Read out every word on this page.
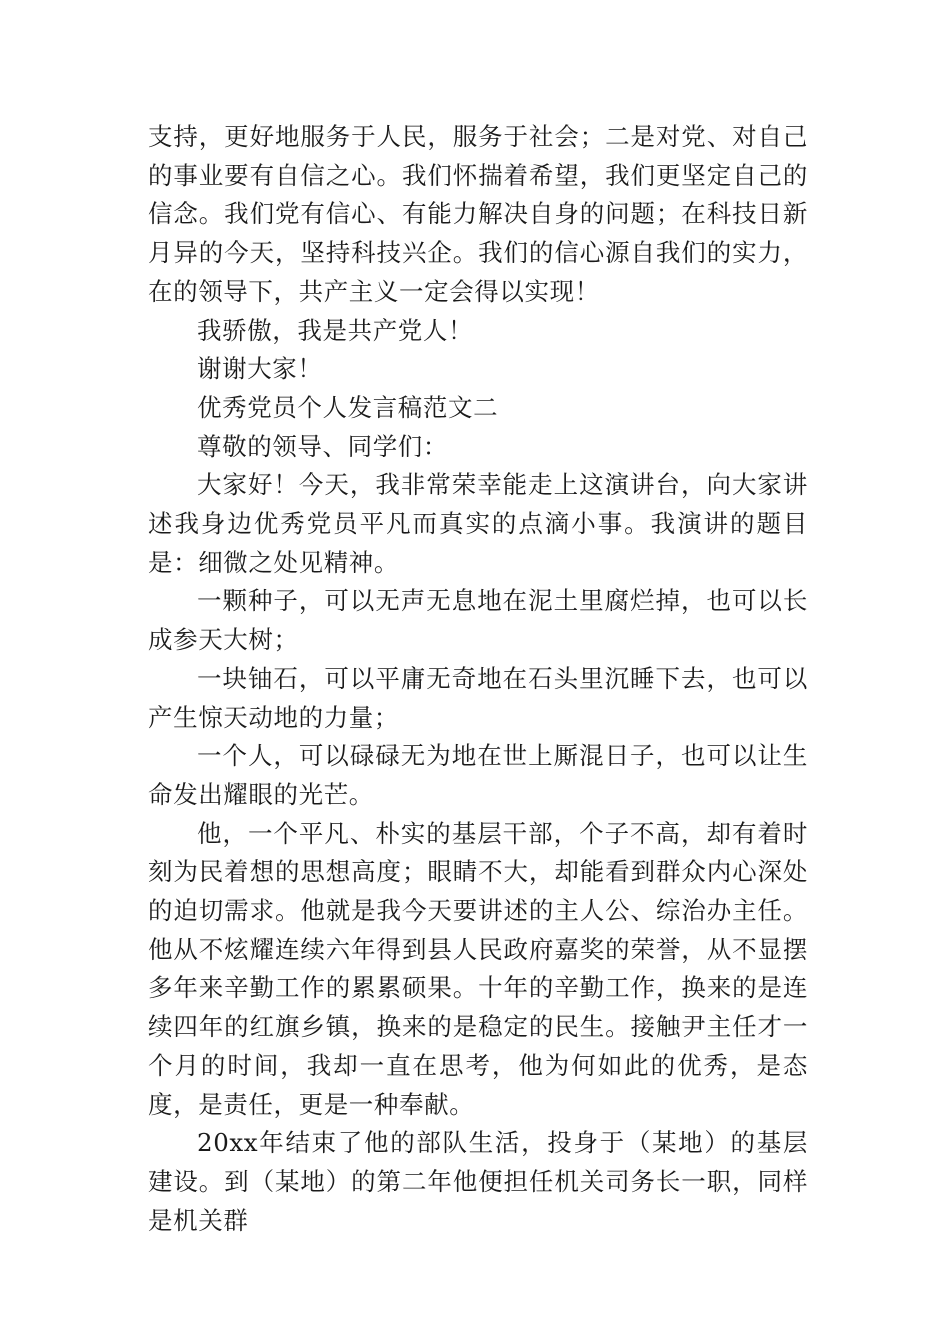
支持，更好地服务于人民，服务于社会；二是对党、对自己的事业要有自信之心。我们怀揣着希望，我们更坚定自己的信念。我们党有信心、有能力解决自身的问题；在科技日新月异的今天，坚持科技兴企。我们的信心源自我们的实力，在的领导下，共产主义一定会得以实现！

我骄傲，我是共产党人！

谢谢大家！

优秀党员个人发言稿范文二

尊敬的领导、同学们：

大家好！今天，我非常荣幸能走上这演讲台，向大家讲述我身边优秀党员平凡而真实的点滴小事。我演讲的题目是：细微之处见精神。

一颗种子，可以无声无息地在泥土里腐烂掉，也可以长成参天大树；

一块铀石，可以平庸无奇地在石头里沉睡下去，也可以产生惊天动地的力量；

一个人，可以碌碌无为地在世上厮混日子，也可以让生命发出耀眼的光芒。

他，一个平凡、朴实的基层干部，个子不高，却有着时刻为民着想的思想高度；眼睛不大，却能看到群众内心深处的迫切需求。他就是我今天要讲述的主人公、综治办主任。他从不炫耀连续六年得到县人民政府嘉奖的荣誉，从不显摆多年来辛勤工作的累累硕果。十年的辛勤工作，换来的是连续四年的红旗乡镇，换来的是稳定的民生。接触尹主任才一个月的时间，我却一直在思考，他为何如此的优秀，是态度，是责任，更是一种奉献。

20xx年结束了他的部队生活，投身于（某地）的基层建设。到（某地）的第二年他便担任机关司务长一职，同样是机关群
